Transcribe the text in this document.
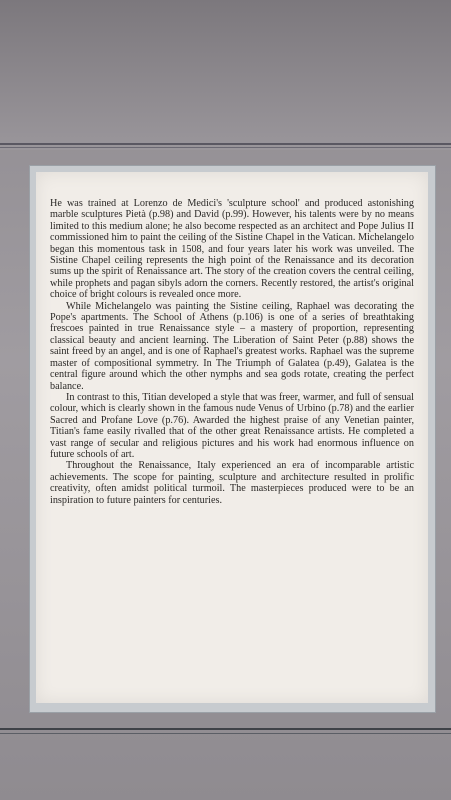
He was trained at Lorenzo de Medici's 'sculpture school' and produced astonishing marble sculptures Pietà (p.98) and David (p.99). However, his talents were by no means limited to this medium alone; he also become respected as an architect and Pope Julius II commissioned him to paint the ceiling of the Sistine Chapel in the Vatican. Michelangelo began this momentous task in 1508, and four years later his work was unveiled. The Sistine Chapel ceiling represents the high point of the Renaissance and its decoration sums up the spirit of Renaissance art. The story of the creation covers the central ceiling, while prophets and pagan sibyls adorn the corners. Recently restored, the artist's original choice of bright colours is revealed once more.

While Michelangelo was painting the Sistine ceiling, Raphael was decorating the Pope's apartments. The School of Athens (p.106) is one of a series of breathtaking frescoes painted in true Renaissance style – a mastery of proportion, representing classical beauty and ancient learning. The Liberation of Saint Peter (p.88) shows the saint freed by an angel, and is one of Raphael's greatest works. Raphael was the supreme master of compositional symmetry. In The Triumph of Galatea (p.49), Galatea is the central figure around which the other nymphs and sea gods rotate, creating the perfect balance.

In contrast to this, Titian developed a style that was freer, warmer, and full of sensual colour, which is clearly shown in the famous nude Venus of Urbino (p.78) and the earlier Sacred and Profane Love (p.76). Awarded the highest praise of any Venetian painter, Titian's fame easily rivalled that of the other great Renaissance artists. He completed a vast range of secular and religious pictures and his work had enormous influence on future schools of art.

Throughout the Renaissance, Italy experienced an era of incomparable artistic achievements. The scope for painting, sculpture and architecture resulted in prolific creativity, often amidst political turmoil. The masterpieces produced were to be an inspiration to future painters for centuries.
